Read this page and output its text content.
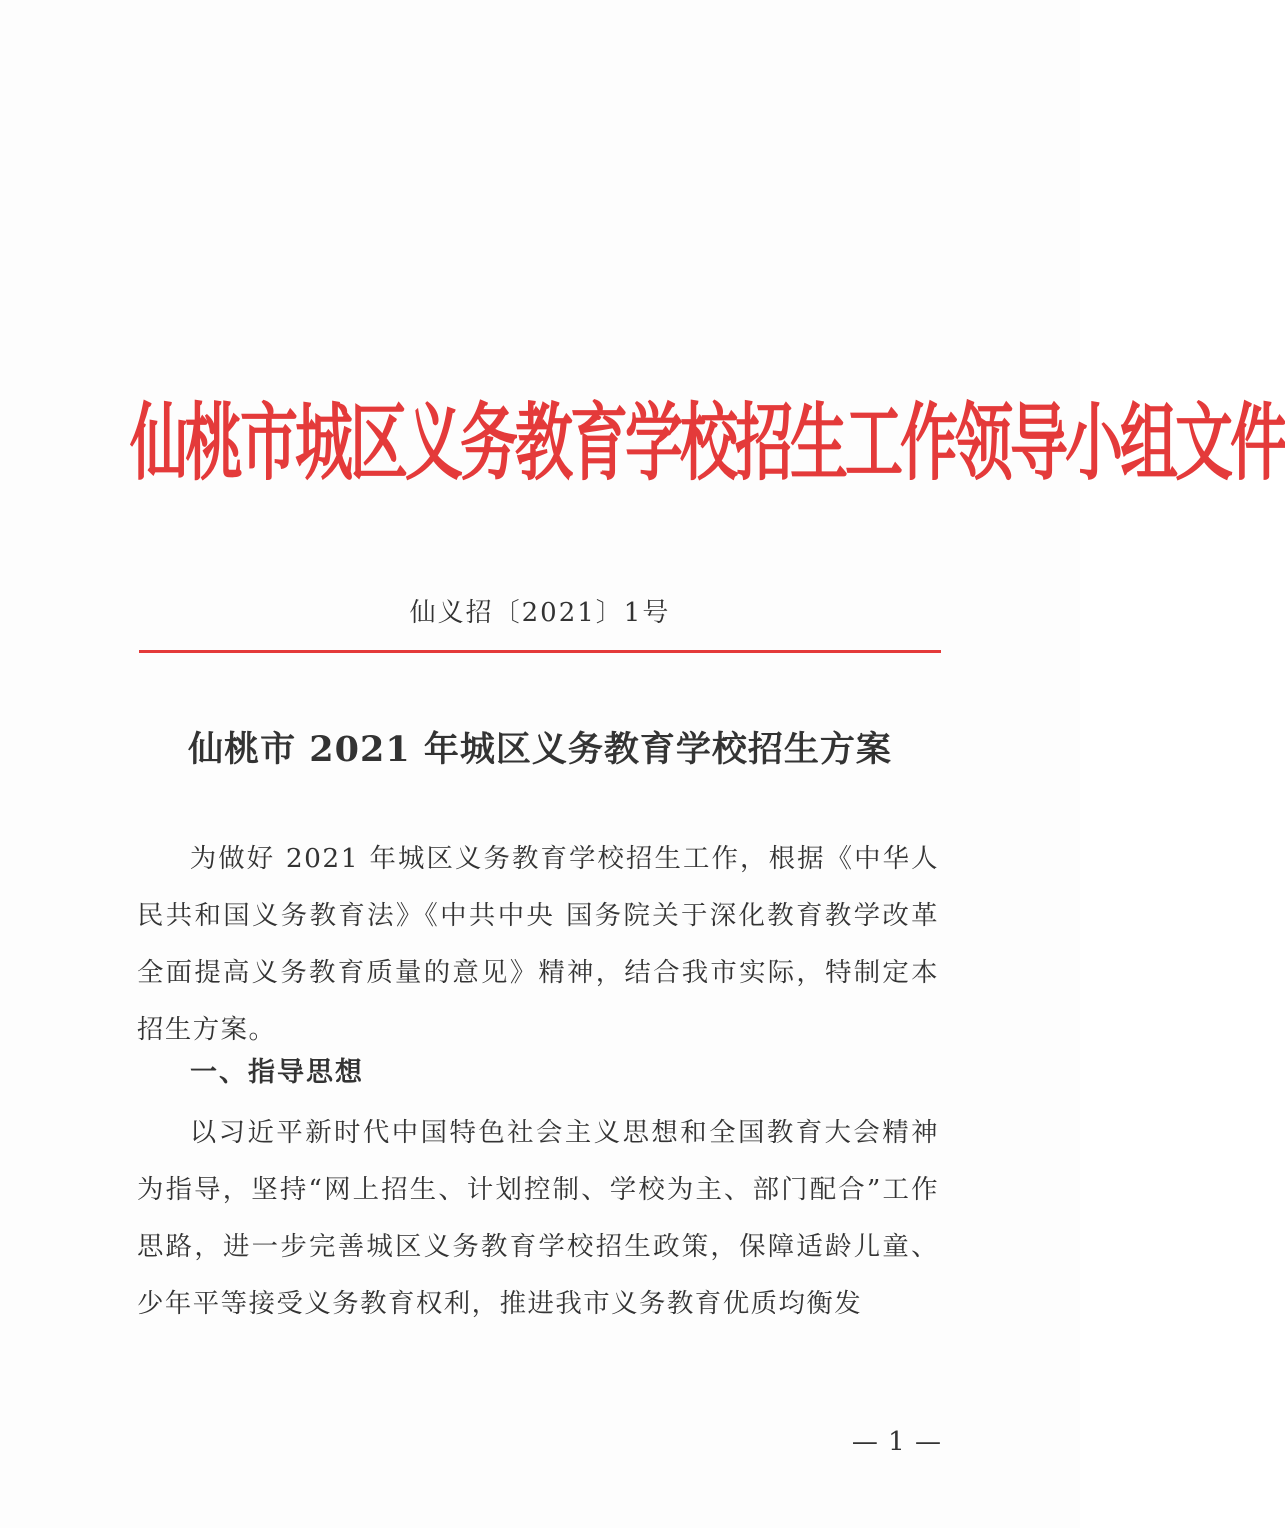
仙桃市城区义务教育学校招生工作领导小组文件
仙义招〔2021〕1号
仙桃市 2021 年城区义务教育学校招生方案

为做好 2021 年城区义务教育学校招生工作，根据《中华人民共和国义务教育法》《中共中央 国务院关于深化教育教学改革全面提高义务教育质量的意见》精神，结合我市实际，特制定本招生方案。

一、指导思想

以习近平新时代中国特色社会主义思想和全国教育大会精神为指导，坚持“网上招生、计划控制、学校为主、部门配合”工作思路，进一步完善城区义务教育学校招生政策，保障适龄儿童、少年平等接受义务教育权利，推进我市义务教育优质均衡发

— 1 —
